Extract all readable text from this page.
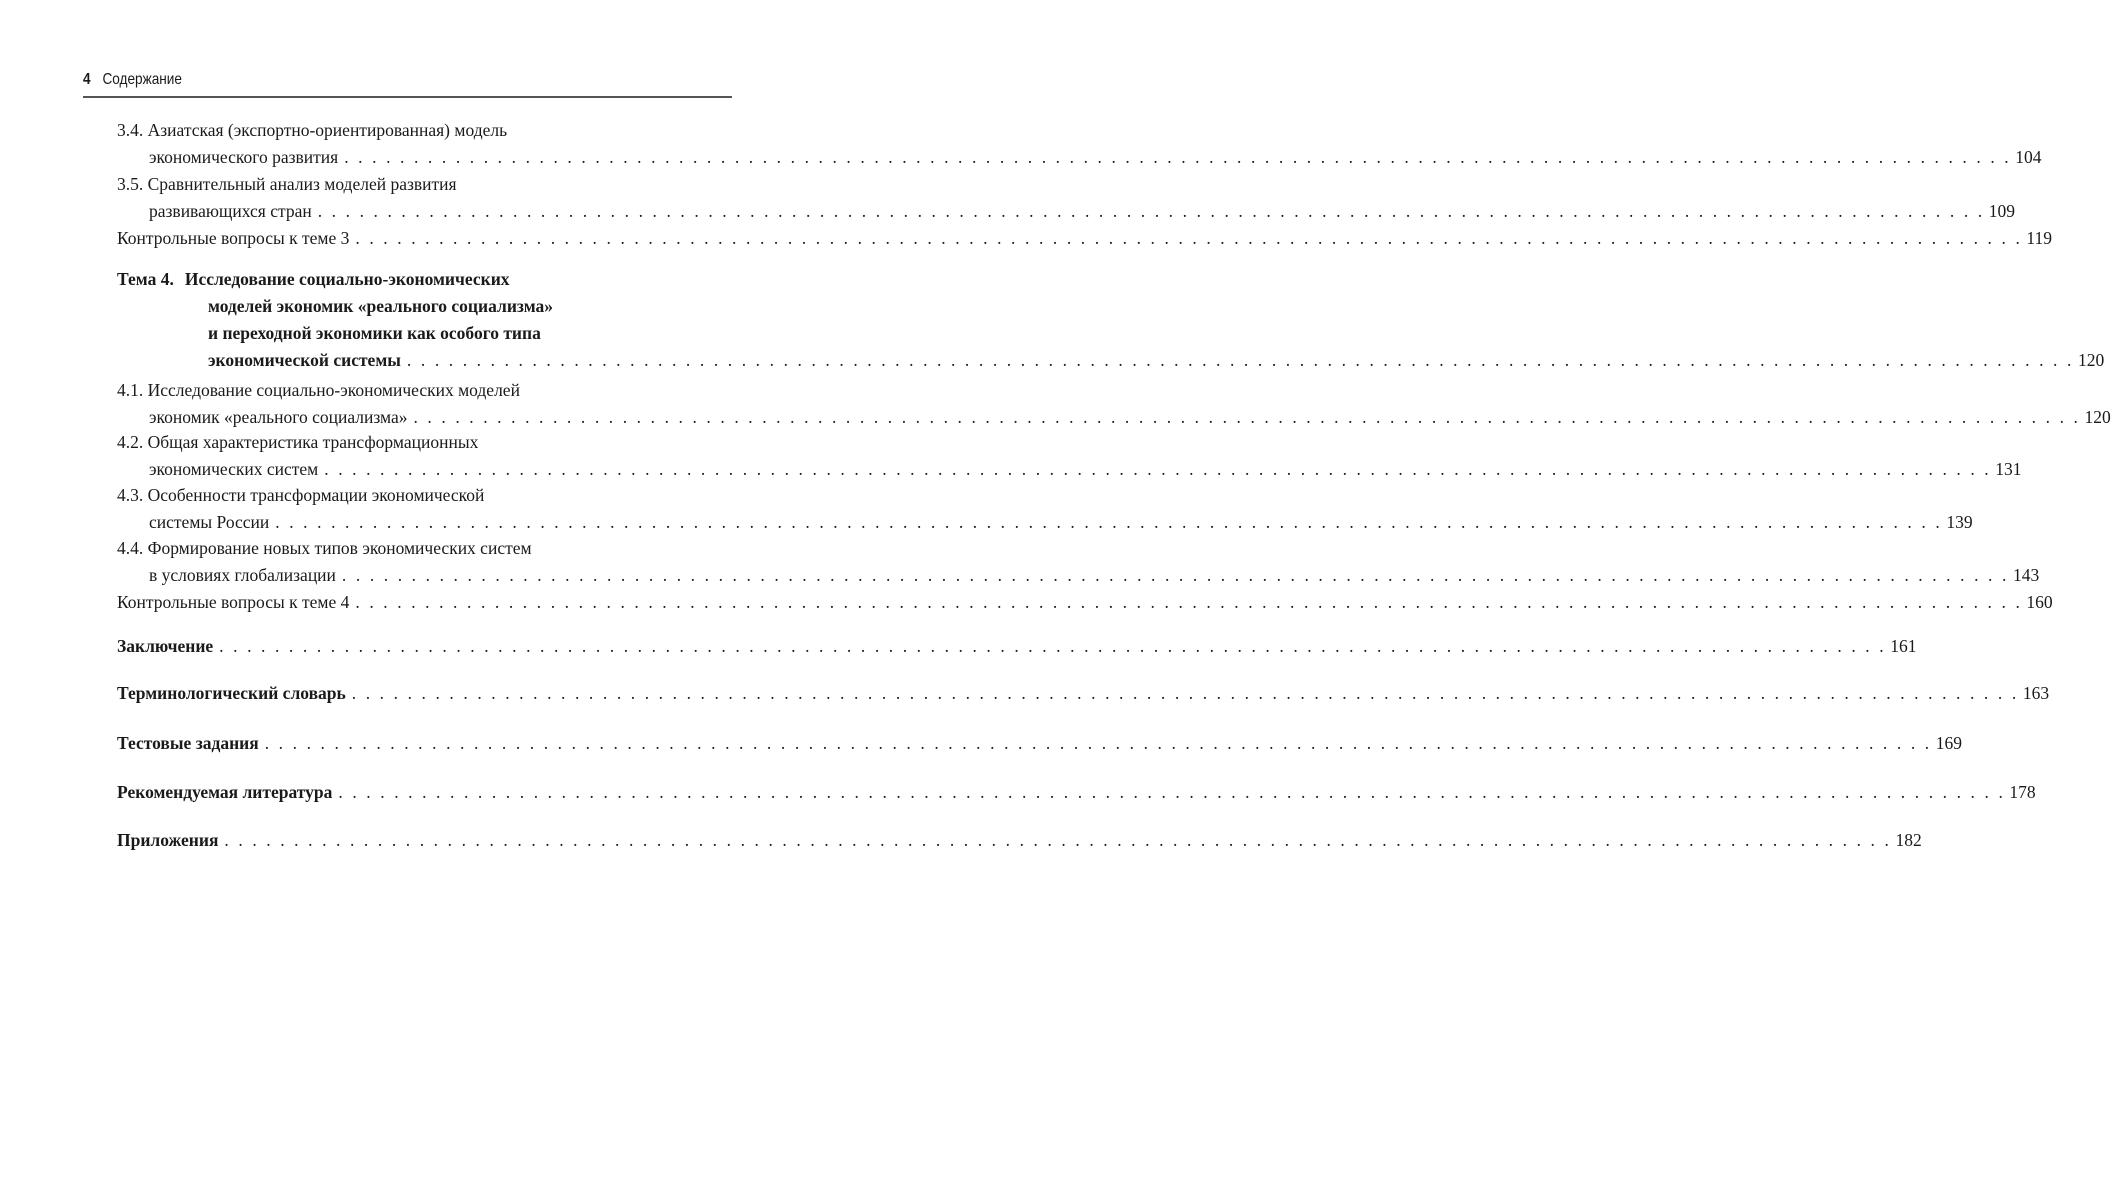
4 Содержание
3.4. Азиатская (экспортно-ориентированная) модель
экономического развития . . . . . . . . . . . . . . . . . . . . . . . . . . . . . . . . . . . . . . . . . . . . . . . . . . . . . . . . . . . . . . . . . . . . . . . . . . . . . . . . . . . . . . . . . . . . . . . . . . . . . . . . . . . . . . . . . . . . . . . . 104
3.5. Сравнительный анализ моделей развития
развивающихся стран . . . . . . . . . . . . . . . . . . . . . . . . . . . . . . . . . . . . . . . . . . . . . . . . . . . . . . . . . . . . . . . . . . . . . . . . . . . . . . . . . . . . . . . . . . . . . . . . . . . . . . . . . . . . . . . . . . . . . . . . 109
Контрольные вопросы к теме 3 . . . . . . . . . . . . . . . . . . . . . . . . . . . . . . . . . . . . . . . . . . . . . . . . . . . . . . . . . . . . . . . . . . . . . . . . . . . . . . . . . . . . . . . . . . . . . . . . . . . . . . . . . . . . . . . . . . . . . . . . 119
Тема 4. Исследование социально-экономических
моделей экономик «реального социализма»
и переходной экономики как особого типа
экономической системы . . . . . . . . . . . . . . . . . . . . . . . . . . . . . . . . . . . . . . . . . . . . . . . . . . . . . . . . . . . . . . . . . . . . . . . . . . . . . . . . . . . . . . . . . . . . . . . . . . . . . . . . . . . . . . . . . . . . . . . . 120
4.1. Исследование социально-экономических моделей
экономик «реального социализма» . . . . . . . . . . . . . . . . . . . . . . . . . . . . . . . . . . . . . . . . . . . . . . . . . . . . . . . . . . . . . . . . . . . . . . . . . . . . . . . . . . . . . . . . . . . . . . . . . . . . . . . . . . . . . . . . . . . . . . . . 120
4.2. Общая характеристика трансформационных
экономических систем . . . . . . . . . . . . . . . . . . . . . . . . . . . . . . . . . . . . . . . . . . . . . . . . . . . . . . . . . . . . . . . . . . . . . . . . . . . . . . . . . . . . . . . . . . . . . . . . . . . . . . . . . . . . . . . . . . . . . . . . 131
4.3. Особенности трансформации экономической
системы России . . . . . . . . . . . . . . . . . . . . . . . . . . . . . . . . . . . . . . . . . . . . . . . . . . . . . . . . . . . . . . . . . . . . . . . . . . . . . . . . . . . . . . . . . . . . . . . . . . . . . . . . . . . . . . . . . . . . . . . . 139
4.4. Формирование новых типов экономических систем
в условиях глобализации . . . . . . . . . . . . . . . . . . . . . . . . . . . . . . . . . . . . . . . . . . . . . . . . . . . . . . . . . . . . . . . . . . . . . . . . . . . . . . . . . . . . . . . . . . . . . . . . . . . . . . . . . . . . . . . . . . . . . . . . 143
Контрольные вопросы к теме 4 . . . . . . . . . . . . . . . . . . . . . . . . . . . . . . . . . . . . . . . . . . . . . . . . . . . . . . . . . . . . . . . . . . . . . . . . . . . . . . . . . . . . . . . . . . . . . . . . . . . . . . . . . . . . . . . . . . . . . . . . 160
Заключение . . . . . . . . . . . . . . . . . . . . . . . . . . . . . . . . . . . . . . . . . . . . . . . . . . . . . . . . . . . . . . . . . . . . . . . . . . . . . . . . . . . . . . . . . . . . . . . . . . . . . . . . . . . . . . . . . . . . . . . . 161
Терминологический словарь . . . . . . . . . . . . . . . . . . . . . . . . . . . . . . . . . . . . . . . . . . . . . . . . . . . . . . . . . . . . . . . . . . . . . . . . . . . . . . . . . . . . . . . . . . . . . . . . . . . . . . . . . . . . . . . . . . . . . . . . 163
Тестовые задания . . . . . . . . . . . . . . . . . . . . . . . . . . . . . . . . . . . . . . . . . . . . . . . . . . . . . . . . . . . . . . . . . . . . . . . . . . . . . . . . . . . . . . . . . . . . . . . . . . . . . . . . . . . . . . . . . . . . . . . . 169
Рекомендуемая литература . . . . . . . . . . . . . . . . . . . . . . . . . . . . . . . . . . . . . . . . . . . . . . . . . . . . . . . . . . . . . . . . . . . . . . . . . . . . . . . . . . . . . . . . . . . . . . . . . . . . . . . . . . . . . . . . . . . . . . . . 178
Приложения . . . . . . . . . . . . . . . . . . . . . . . . . . . . . . . . . . . . . . . . . . . . . . . . . . . . . . . . . . . . . . . . . . . . . . . . . . . . . . . . . . . . . . . . . . . . . . . . . . . . . . . . . . . . . . . . . . . . . . . . 182
